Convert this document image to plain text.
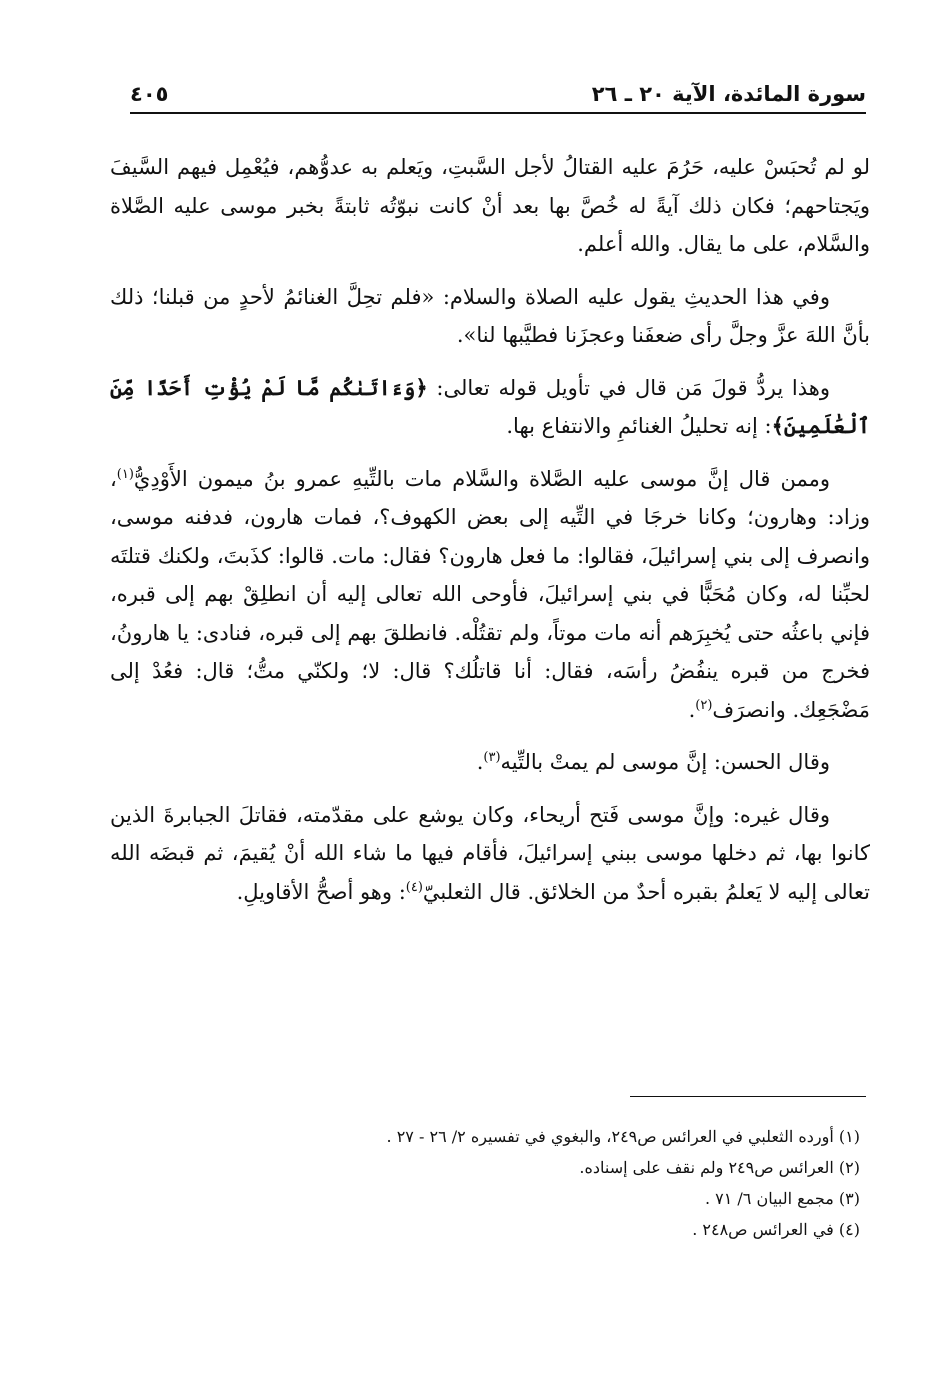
سورة المائدة، الآية ٢٠ ـ ٢٦
٤٠٥

لو لم تُحبَسْ عليه، حَرُمَ عليه القتالُ لأجل السَّبتِ، ويَعلم به عدوُّهم، فيُعْمِل فيهم السَّيفَ ويَجتاحهم؛ فكان ذلك آيةً له خُصَّ بها بعد أنْ كانت نبوّتُه ثابتةً بخبر موسى عليه الصَّلاة والسَّلام، على ما يقال. والله أعلم.

وفي هذا الحديثِ يقول عليه الصلاة والسلام: «فلم تحِلَّ الغنائمُ لأحدٍ من قبلنا؛ ذلك بأنَّ اللهَ عزَّ وجلَّ رأى ضعفَنا وعجزَنا فطيَّبها لنا».

وهذا يردُّ قولَ مَن قال في تأويل قوله تعالى: ﴿وَءَاتَىٰكُم مَّا لَمْ يُؤْتِ أَحَدًا مِّنَ ٱلْعَٰلَمِينَ﴾: إنه تحليلُ الغنائمِ والانتفاع بها.

وممن قال إنَّ موسى عليه الصَّلاة والسَّلام مات بالتِّيهِ عمرو بنُ ميمون الأَوْدِيُّ$^{(١)}$، وزاد: وهارون؛ وكانا خرجَا في التِّيه إلى بعض الكهوف؟، فمات هارون، فدفنه موسى، وانصرف إلى بني إسرائيلَ، فقالوا: ما فعل هارون؟ فقال: مات. قالوا: كذَبتَ، ولكنك قتلتَه لحبِّنا له، وكان مُحَبًّا في بني إسرائيلَ، فأوحى الله تعالى إليه أن انطلِقْ بهم إلى قبره، فإني باعثُه حتى يُخبِرَهم أنه مات موتاً، ولم تقتُلْه. فانطلقَ بهم إلى قبره، فنادى: يا هارونُ، فخرج من قبره ينفُضُ رأسَه، فقال: أنا قاتلُك؟ قال: لا؛ ولكنّي متُّ؛ قال: فعُدْ إلى مَضْجَعِك. وانصرَف$^{(٢)}$.

وقال الحسن: إنَّ موسى لم يمتْ بالتِّيه$^{(٣)}$.

وقال غيره: وإنَّ موسى فَتح أريحاء، وكان يوشع على مقدّمته، فقاتلَ الجبابرةَ الذين كانوا بها، ثم دخلها موسى ببني إسرائيلَ، فأقام فيها ما شاء الله أنْ يُقيمَ، ثم قبضَه الله تعالى إليه لا يَعلمُ بقبره أحدٌ من الخلائق. قال الثعلبيّ$^{(٤)}$: وهو أصحُّ الأقاويلِ.

(١) أورده الثعلبي في العرائس ص٢٤٩، والبغوي في تفسيره ٢/ ٢٦ - ٢٧ .
(٢) العرائس ص٢٤٩ ولم نقف على إسناده.
(٣) مجمع البيان ٦/ ٧١ .
(٤) في العرائس ص٢٤٨ .
